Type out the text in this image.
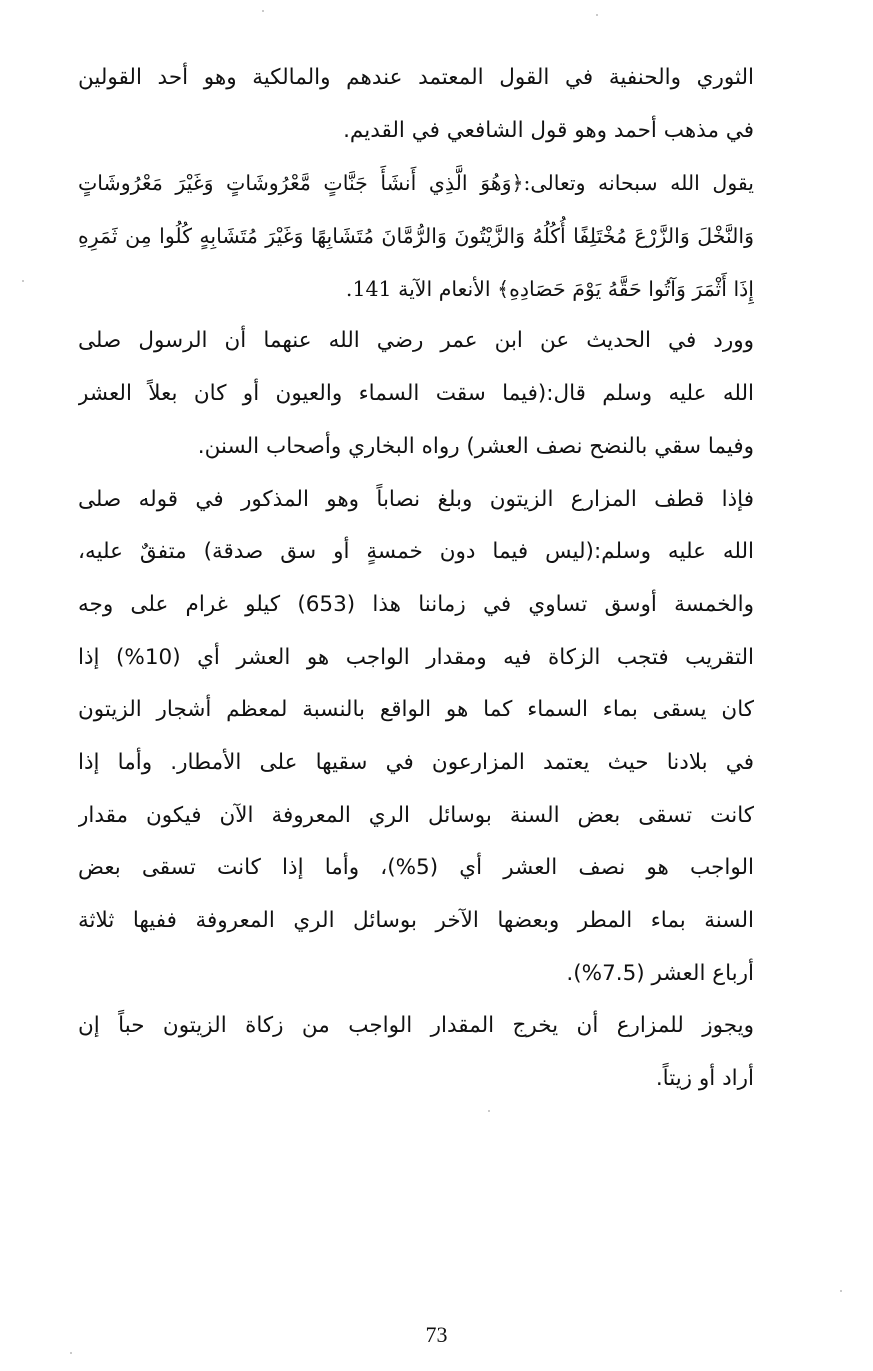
الثوري والحنفية في القول المعتمد عندهم والمالكية وهو أحد القولين
في مذهب أحمد وهو قول الشافعي في القديم.
يقول الله سبحانه وتعالى:﴿وَهُوَ الَّذِي أَنشَأَ جَنَّاتٍ مَّعْرُوشَاتٍ وَغَيْرَ مَعْرُوشَاتٍ
وَالنَّخْلَ وَالزَّرْعَ مُخْتَلِفًا أُكُلُهُ وَالزَّيْتُونَ وَالرُّمَّانَ مُتَشَابِهًا وَغَيْرَ مُتَشَابِهٍ كُلُوا مِن ثَمَرِهِ
إِذَا أَثْمَرَ وَآتُوا حَقَّهُ يَوْمَ حَصَادِهِ﴾ الأنعام الآية 141.
وورد في الحديث عن ابن عمر رضي الله عنهما أن الرسول صلى
الله عليه وسلم قال:(فيما سقت السماء والعيون أو كان بعلاً العشر
وفيما سقي بالنضح نصف العشر) رواه البخاري وأصحاب السنن.
فإذا قطف المزارع الزيتون وبلغ نصاباً وهو المذكور في قوله صلى
الله عليه وسلم:(ليس فيما دون خمسةٍ أو سق صدقة) متفقٌ عليه،
والخمسة أوسق تساوي في زماننا هذا (653) كيلو غرام على وجه
التقريب فتجب الزكاة فيه ومقدار الواجب هو العشر أي (10%) إذا
كان يسقى بماء السماء كما هو الواقع بالنسبة لمعظم أشجار الزيتون
في بلادنا حيث يعتمد المزارعون في سقيها على الأمطار. وأما إذا
كانت تسقى بعض السنة بوسائل الري المعروفة الآن فيكون مقدار
الواجب هو نصف العشر أي (5%)، وأما إذا كانت تسقى بعض
السنة بماء المطر وبعضها الآخر بوسائل الري المعروفة ففيها ثلاثة
أرباع العشر (7.5%).
ويجوز للمزارع أن يخرج المقدار الواجب من زكاة الزيتون حباً إن
أراد أو زيتاً.
73
